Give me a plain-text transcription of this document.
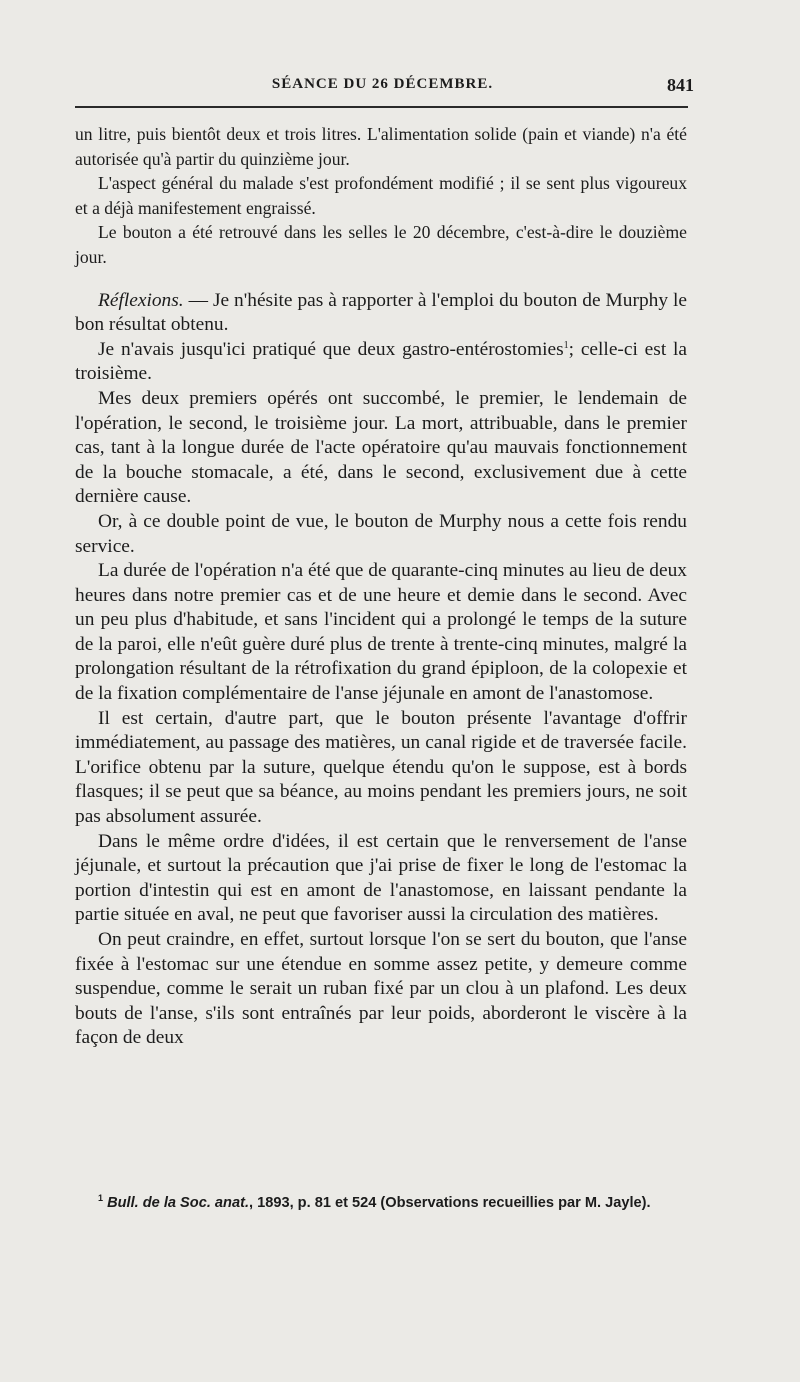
SÉANCE DU 26 DÉCEMBRE.	841

un litre, puis bientôt deux et trois litres. L'alimentation solide (pain et viande) n'a été autorisée qu'à partir du quinzième jour.

L'aspect général du malade s'est profondément modifié ; il se sent plus vigoureux et a déjà manifestement engraissé.

Le bouton a été retrouvé dans les selles le 20 décembre, c'est-à-dire le douzième jour.

Réflexions. — Je n'hésite pas à rapporter à l'emploi du bouton de Murphy le bon résultat obtenu.

Je n'avais jusqu'ici pratiqué que deux gastro-entérostomies$^1$; celle-ci est la troisième.

Mes deux premiers opérés ont succombé, le premier, le lendemain de l'opération, le second, le troisième jour. La mort, attribuable, dans le premier cas, tant à la longue durée de l'acte opératoire qu'au mauvais fonctionnement de la bouche stomacale, a été, dans le second, exclusivement due à cette dernière cause.

Or, à ce double point de vue, le bouton de Murphy nous a cette fois rendu service.

La durée de l'opération n'a été que de quarante-cinq minutes au lieu de deux heures dans notre premier cas et de une heure et demie dans le second. Avec un peu plus d'habitude, et sans l'incident qui a prolongé le temps de la suture de la paroi, elle n'eût guère duré plus de trente à trente-cinq minutes, malgré la prolongation résultant de la rétrofixation du grand épiploon, de la colopexie et de la fixation complémentaire de l'anse jéjunale en amont de l'anastomose.

Il est certain, d'autre part, que le bouton présente l'avantage d'offrir immédiatement, au passage des matières, un canal rigide et de traversée facile. L'orifice obtenu par la suture, quelque étendu qu'on le suppose, est à bords flasques; il se peut que sa béance, au moins pendant les premiers jours, ne soit pas absolument assurée.

Dans le même ordre d'idées, il est certain que le renversement de l'anse jéjunale, et surtout la précaution que j'ai prise de fixer le long de l'estomac la portion d'intestin qui est en amont de l'anastomose, en laissant pendante la partie située en aval, ne peut que favoriser aussi la circulation des matières.

On peut craindre, en effet, surtout lorsque l'on se sert du bouton, que l'anse fixée à l'estomac sur une étendue en somme assez petite, y demeure comme suspendue, comme le serait un ruban fixé par un clou à un plafond. Les deux bouts de l'anse, s'ils sont entraînés par leur poids, aborderont le viscère à la façon de deux

$^1$ Bull. de la Soc. anat., 1893, p. 81 et 524 (Observations recueillies par M. Jayle).
